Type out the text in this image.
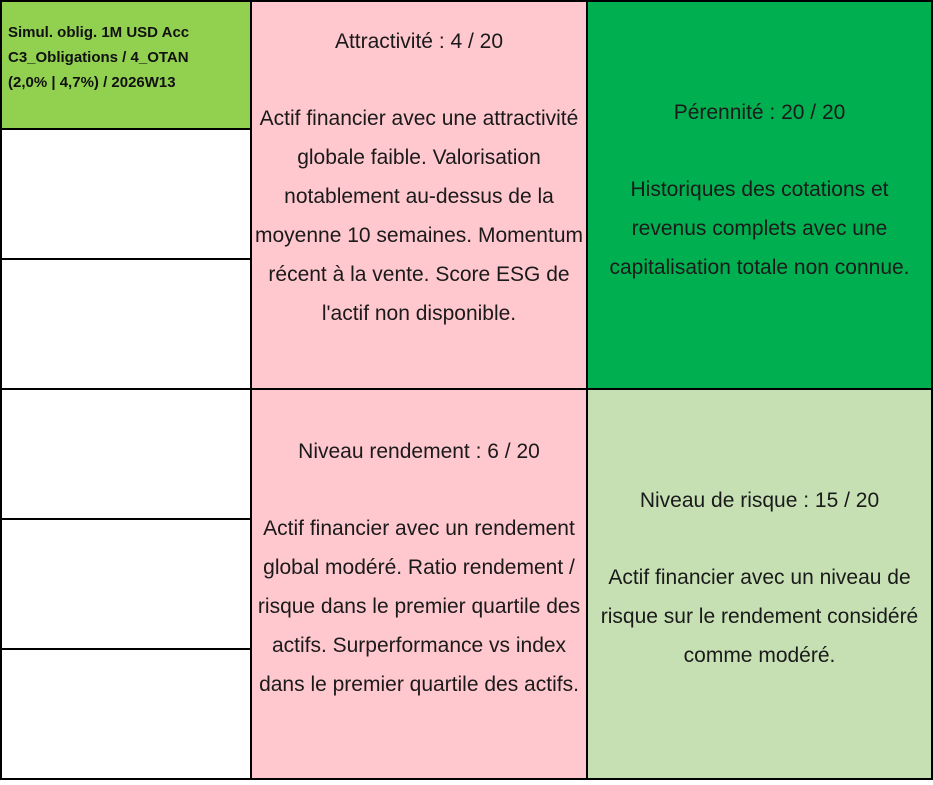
Simul. oblig. 1M USD Acc
C3_Obligations / 4_OTAN
(2,0% | 4,7%) / 2026W13

Attractivité : 4 / 20

Actif financier avec une attractivité globale faible. Valorisation notablement au-dessus de la moyenne 10 semaines. Momentum récent à la vente. Score ESG de l'actif non disponible.

Pérennité : 20 / 20

Historiques des cotations et revenus complets avec une capitalisation totale non connue.

Niveau rendement : 6 / 20

Actif financier avec un rendement global modéré. Ratio rendement / risque dans le premier quartile des actifs. Surperformance vs index dans le premier quartile des actifs.

Niveau de risque : 15 / 20

Actif financier avec un niveau de risque sur le rendement considéré comme modéré.
